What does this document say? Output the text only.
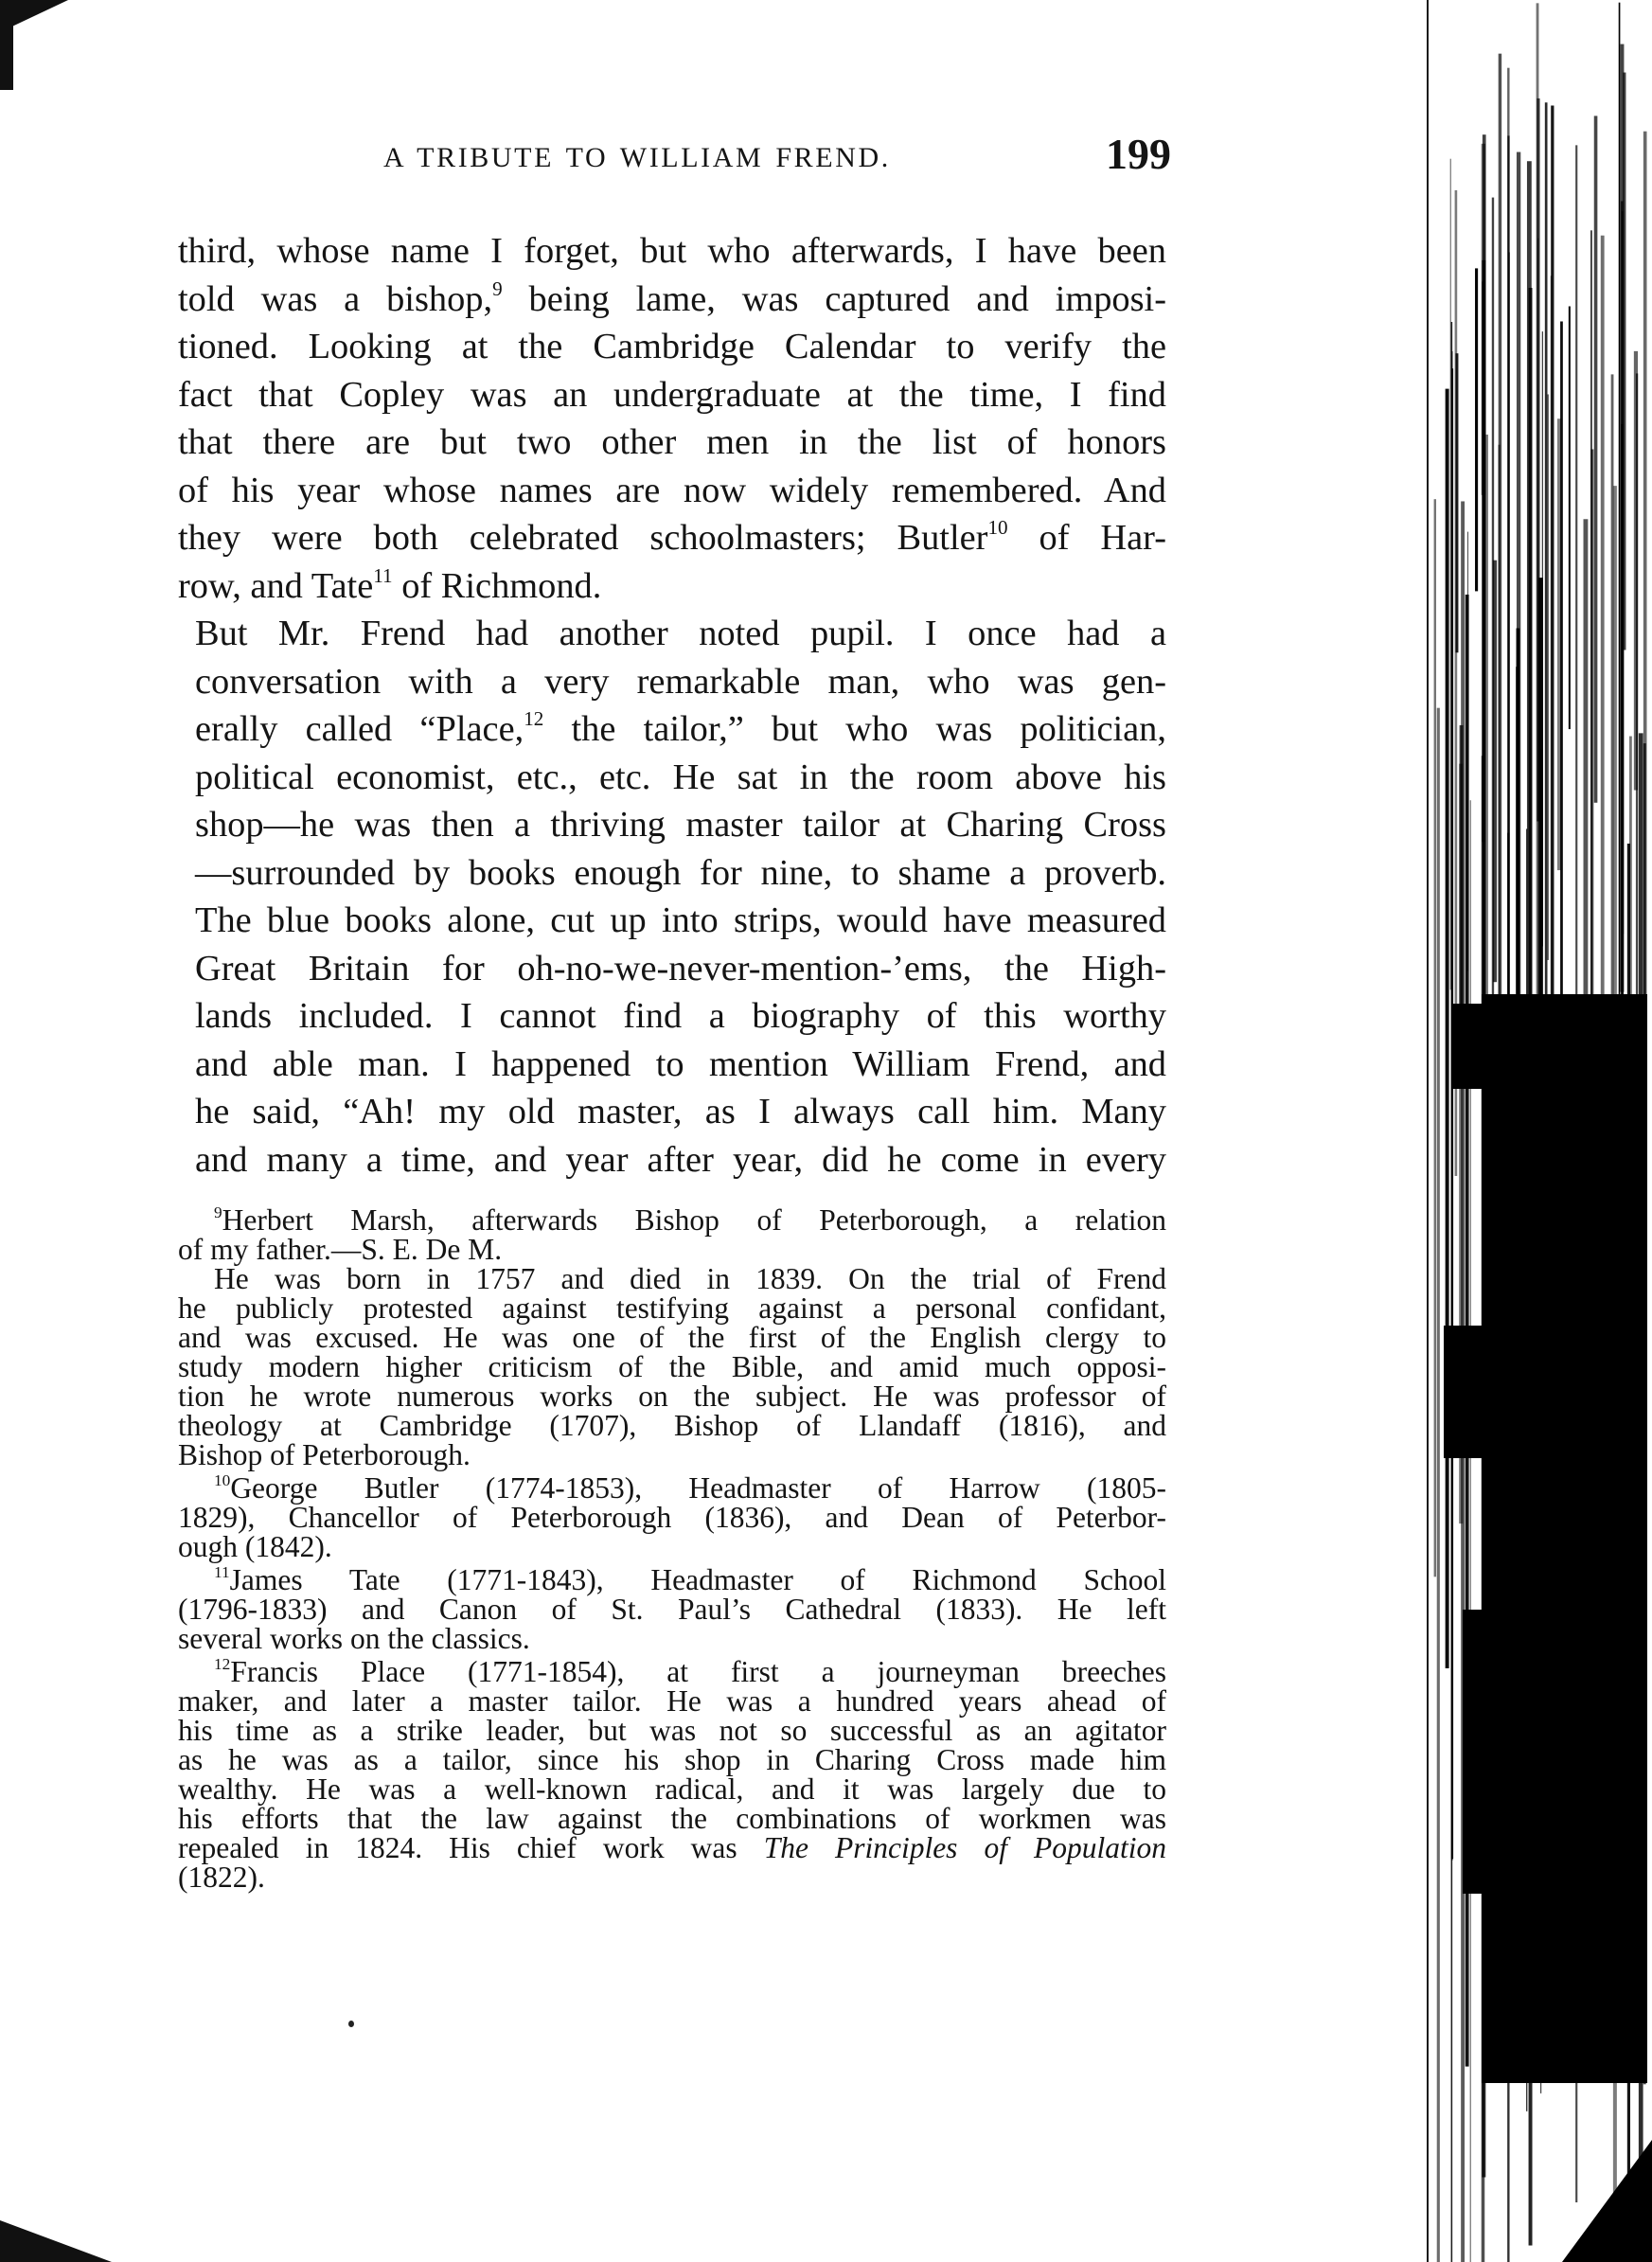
A TRIBUTE TO WILLIAM FREND.	199

third, whose name I forget, but who afterwards, I have been
told was a bishop,$^9$ being lame, was captured and imposi-
tioned. Looking at the Cambridge Calendar to verify the
fact that Copley was an undergraduate at the time, I find
that there are but two other men in the list of honors
of his year whose names are now widely remembered. And
they were both celebrated schoolmasters; Butler$^{10}$ of Har-
row, and Tate$^{11}$ of Richmond.

But Mr. Frend had another noted pupil. I once had a
conversation with a very remarkable man, who was gen-
erally called “Place,$^{12}$ the tailor,” but who was politician,
political economist, etc., etc. He sat in the room above his
shop—he was then a thriving master tailor at Charing Cross
—surrounded by books enough for nine, to shame a proverb.
The blue books alone, cut up into strips, would have measured
Great Britain for oh-no-we-never-mention-’ems, the High-
lands included. I cannot find a biography of this worthy
and able man. I happened to mention William Frend, and
he said, “Ah! my old master, as I always call him. Many
and many a time, and year after year, did he come in every

$^9$Herbert Marsh, afterwards Bishop of Peterborough, a relation
of my father.—S. E. De M.
He was born in 1757 and died in 1839. On the trial of Frend
he publicly protested against testifying against a personal confidant,
and was excused. He was one of the first of the English clergy to
study modern higher criticism of the Bible, and amid much opposi-
tion he wrote numerous works on the subject. He was professor of
theology at Cambridge (1707), Bishop of Llandaff (1816), and
Bishop of Peterborough.
$^{10}$George Butler (1774-1853), Headmaster of Harrow (1805-
1829), Chancellor of Peterborough (1836), and Dean of Peterbor-
ough (1842).
$^{11}$James Tate (1771-1843), Headmaster of Richmond School
(1796-1833) and Canon of St. Paul’s Cathedral (1833). He left
several works on the classics.
$^{12}$Francis Place (1771-1854), at first a journeyman breeches
maker, and later a master tailor. He was a hundred years ahead of
his time as a strike leader, but was not so successful as an agitator
as he was as a tailor, since his shop in Charing Cross made him
wealthy. He was a well-known radical, and it was largely due to
his efforts that the law against the combinations of workmen was
repealed in 1824. His chief work was The Principles of Population
(1822).
